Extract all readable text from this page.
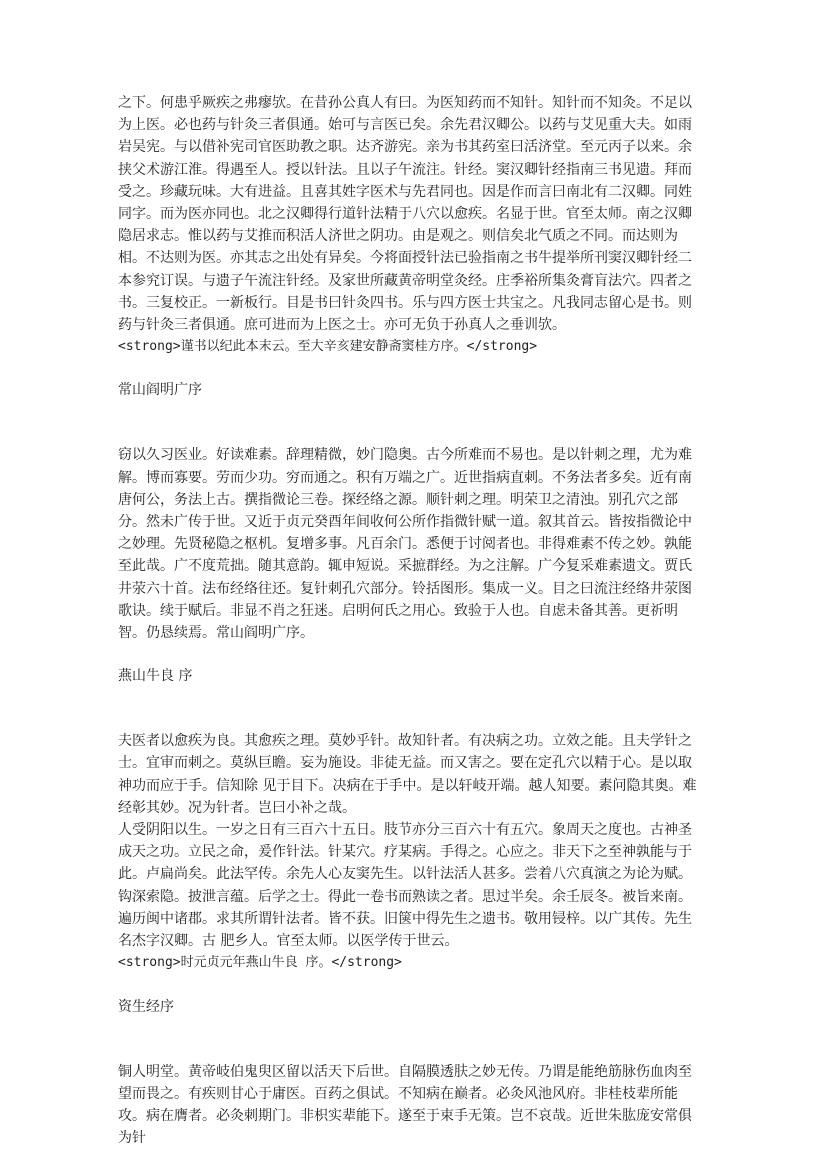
之下。何患乎厥疾之弗瘳欤。在昔孙公真人有曰。为医知药而不知针。知针而不知灸。不足以为上医。必也药与针灸三者俱通。始可与言医已矣。余先君汉卿公。以药与艾见重大夫。如雨岩吴宪。与以借补宪司官医助教之职。达齐游宪。亲为书其药室曰活济堂。至元丙子以来。余挟父术游江淮。得遇至人。授以针法。且以子午流注。针经。窦汉卿针经指南三书见遗。拜而受之。珍藏玩味。大有进益。且喜其姓字医术与先君同也。因是作而言曰南北有二汉卿。同姓同字。而为医亦同也。北之汉卿得行道针法精于八穴以愈疾。名显于世。官至太师。南之汉卿隐居求志。惟以药与艾推而积活人济世之阴功。由是观之。则信矣北气质之不同。而达则为相。不达则为医。亦其志之出处有异矣。今将面授针法已验指南之书牛提举所刊窦汉卿针经二本参究订误。与遗子午流注针经。及家世所藏黄帝明堂灸经。庄季裕所集灸膏肓法穴。四者之书。三复校正。一新板行。目是书曰针灸四书。乐与四方医士共宝之。凡我同志留心是书。则药与针灸三者俱通。庶可进而为上医之士。亦可无负于孙真人之垂训欤。

<strong>谨书以纪此本末云。至大辛亥建安静斋窦桂方序。</strong>

常山阎明广序

窃以久习医业。好读难素。辞理精微，妙门隐奥。古今所难而不易也。是以针刺之理，尤为难解。博而寡要。劳而少功。穷而通之。积有万端之广。近世指病直刺。不务法者多矣。近有南唐何公，务法上古。撰指微论三卷。探经络之源。顺针刺之理。明荣卫之清浊。别孔穴之部分。然未广传于世。又近于贞元癸酉年间收何公所作指微针赋一道。叙其首云。皆按指微论中之妙理。先贤秘隐之枢机。复增多事。凡百余门。悉便于讨阅者也。非得难素不传之妙。孰能至此哉。广不度荒拙。随其意韵。辄申短说。采摭群经。为之注解。广今复采难素遗文。贾氏井荥六十首。法布经络往还。复针刺孔穴部分。铃括图形。集成一义。目之曰流注经络井荥图歌诀。续于赋后。非显不肖之狂迷。启明何氏之用心。致验于人也。自虑未备其善。更祈明智。仍恳续焉。常山阎明广序。

燕山牛良 序

夫医者以愈疾为良。其愈疾之理。莫妙乎针。故知针者。有决病之功。立效之能。且夫学针之士。宜审而刺之。莫纵巨瞻。妄为施设。非徒无益。而又害之。要在定孔穴以精于心。是以取神功而应于手。信知除 见于目下。决病在于手中。是以轩岐开端。越人知要。素问隐其奥。难经彰其妙。况为针者。岂曰小补之哉。

人受阴阳以生。一岁之日有三百六十五日。肢节亦分三百六十有五穴。象周天之度也。古神圣成天之功。立民之命，爰作针法。针某穴。疗某病。手得之。心应之。非天下之至神孰能与于此。卢扁尚矣。此法罕传。余先人心友窦先生。以针法活人甚多。尝着八穴真演之为论为赋。钩深索隐。披泄言蕴。后学之士。得此一卷书而熟读之者。思过半矣。余壬辰冬。被旨来南。遍历闽中诸郡。求其所谓针法者。皆不获。旧箧中得先生之遗书。敬用锓梓。以广其传。先生名杰字汉卿。古 肥乡人。官至太师。以医学传于世云。

<strong>时元贞元年燕山牛良 序。</strong>

资生经序

铜人明堂。黄帝岐伯鬼臾区留以活天下后世。自隔膜透肤之妙无传。乃谓是能绝筋脉伤血肉至望而畏之。有疾则甘心于庸医。百药之俱试。不知病在巅者。必灸风池风府。非桂枝辈所能攻。病在膺者。必灸刺期门。非枳实辈能下。遂至于束手无策。岂不哀哉。近世朱肱庞安常俱为针
